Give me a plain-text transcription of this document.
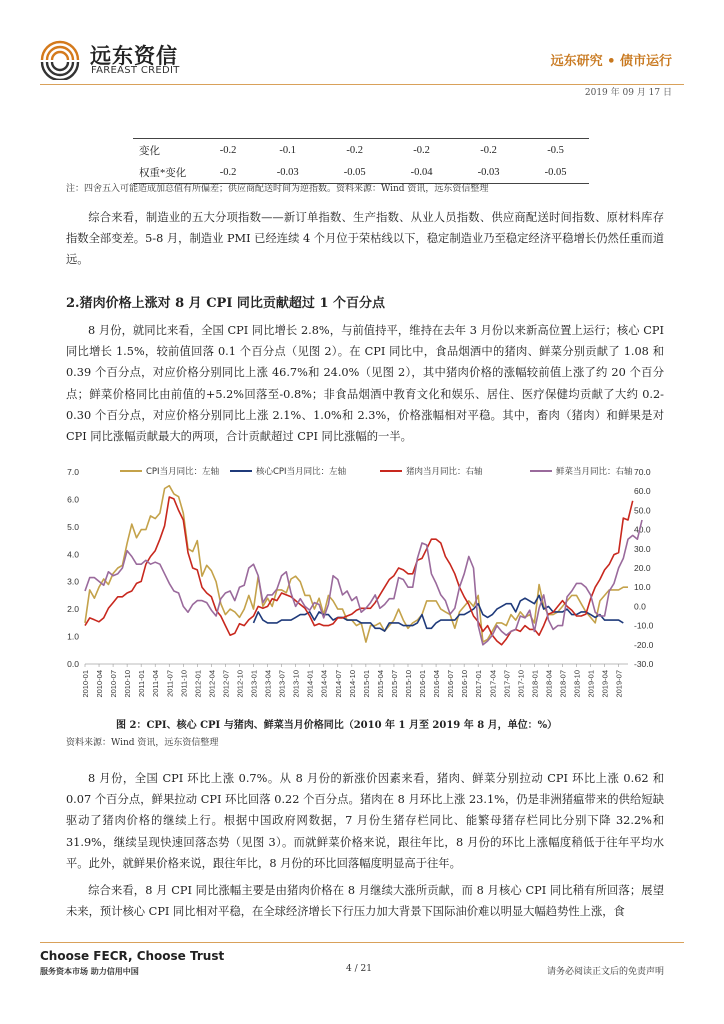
远东资信
FAREAST CREDIT
远东研究 • 债市运行
2019 年 09 月 17 日
变化	-0.2	-0.1	-0.2	-0.2	-0.2	-0.5
权重*变化	-0.2	-0.03	-0.05	-0.04	-0.03	-0.05
注：四舍五入可能造成加总值有所偏差；供应商配送时间为逆指数。资料来源：Wind 资讯，远东资信整理
综合来看，制造业的五大分项指数——新订单指数、生产指数、从业人员指数、供应商配送时间指数、原材料库存指数全部变差。5-8 月，制造业 PMI 已经连续 4 个月位于荣枯线以下，稳定制造业乃至稳定经济平稳增长仍然任重而道远。
2.猪肉价格上涨对 8 月 CPI 同比贡献超过 1 个百分点
8 月份，就同比来看，全国 CPI 同比增长 2.8%，与前值持平，维持在去年 3 月份以来新高位置上运行；核心 CPI 同比增长 1.5%，较前值回落 0.1 个百分点（见图 2）。在 CPI 同比中，食品烟酒中的猪肉、鲜菜分别贡献了 1.08 和 0.39 个百分点，对应价格分别同比上涨 46.7%和 24.0%（见图 2），其中猪肉价格的涨幅较前值上涨了约 20 个百分点；鲜菜价格同比由前值的+5.2%回落至-0.8%；非食品烟酒中教育文化和娱乐、居住、医疗保健均贡献了大约 0.2-0.30 个百分点，对应价格分别同比上涨 2.1%、1.0%和 2.3%，价格涨幅相对平稳。其中，畜肉（猪肉）和鲜果是对 CPI 同比涨幅贡献最大的两项，合计贡献超过 CPI 同比涨幅的一半。
CPI当月同比：左轴	核心CPI当月同比：左轴	猪肉当月同比：右轴	鲜菜当月同比：右轴
0.0
1.0
2.0
3.0
4.0
5.0
6.0
7.0
-30.0
-20.0
-10.0
0.0
10.0
20.0
30.0
40.0
50.0
60.0
70.0
2010-01 2010-04 2010-07 2010-10 2011-01 2011-04 2011-07 2011-10 2012-01 2012-04 2012-07 2012-10 2013-01 2013-04 2013-07 2013-10 2014-01 2014-04 2014-07 2014-10 2015-01 2015-04 2015-07 2015-10 2016-01 2016-04 2016-07 2016-10 2017-01 2017-04 2017-07 2017-10 2018-01 2018-04 2018-07 2018-10 2019-01 2019-04 2019-07
图 2：CPI、核心 CPI 与猪肉、鲜菜当月价格同比（2010 年 1 月至 2019 年 8 月，单位：%）
资料来源：Wind 资讯，远东资信整理
8 月份，全国 CPI 环比上涨 0.7%。从 8 月份的新涨价因素来看，猪肉、鲜菜分别拉动 CPI 环比上涨 0.62 和 0.07 个百分点，鲜果拉动 CPI 环比回落 0.22 个百分点。猪肉在 8 月环比上涨 23.1%，仍是非洲猪瘟带来的供给短缺驱动了猪肉价格的继续上行。根据中国政府网数据，7 月份生猪存栏同比、能繁母猪存栏同比分别下降 32.2%和 31.9%，继续呈现快速回落态势（见图 3）。而就鲜菜价格来说，跟往年比，8 月份的环比上涨幅度稍低于往年平均水平。此外，就鲜果价格来说，跟往年比，8 月份的环比回落幅度明显高于往年。
综合来看，8 月 CPI 同比涨幅主要是由猪肉价格在 8 月继续大涨所贡献，而 8 月核心 CPI 同比稍有所回落；展望未来，预计核心 CPI 同比相对平稳，在全球经济增长下行压力加大背景下国际油价难以明显大幅趋势性上涨，食
Choose FECR, Choose Trust
服务资本市场 助力信用中国	4 / 21	请务必阅读正文后的免责声明
